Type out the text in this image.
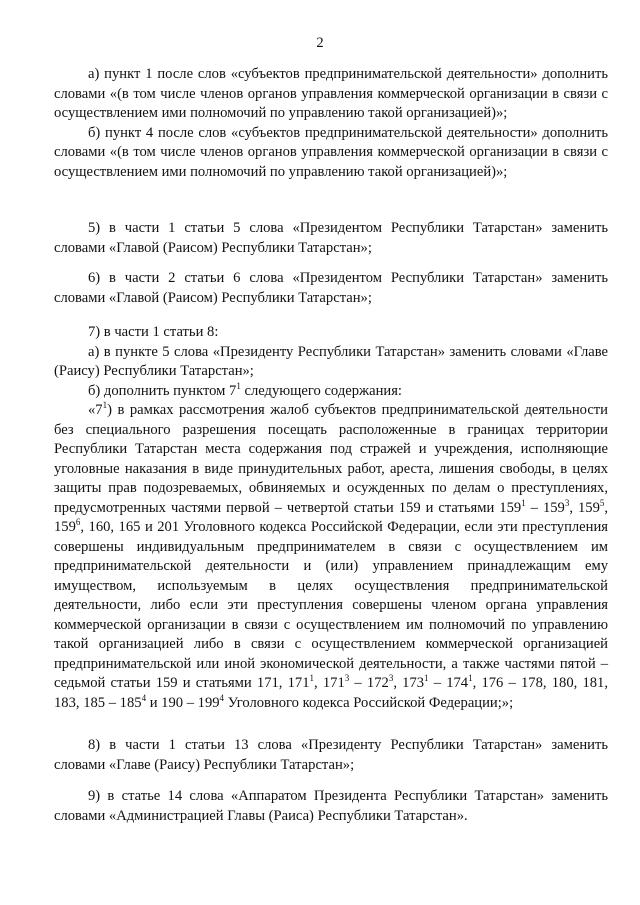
2

а) пункт 1 после слов «субъектов предпринимательской деятельности» дополнить словами «(в том числе членов органов управления коммерческой организации в связи с осуществлением ими полномочий по управлению такой организацией)»;

б) пункт 4 после слов «субъектов предпринимательской деятельности» дополнить словами «(в том числе членов органов управления коммерческой организации в связи с осуществлением ими полномочий по управлению такой организацией)»;

5) в части 1 статьи 5 слова «Президентом Республики Татарстан» заменить словами «Главой (Раисом) Республики Татарстан»;

6) в части 2 статьи 6 слова «Президентом Республики Татарстан» заменить словами «Главой (Раисом) Республики Татарстан»;

7) в части 1 статьи 8:

а) в пункте 5 слова «Президенту Республики Татарстан» заменить словами «Главе (Раису) Республики Татарстан»;

б) дополнить пунктом $7^1$ следующего содержания:

«$7^1$) в рамках рассмотрения жалоб субъектов предпринимательской деятельности без специального разрешения посещать расположенные в границах территории Республики Татарстан места содержания под стражей и учреждения, исполняющие уголовные наказания в виде принудительных работ, ареста, лишения свободы, в целях защиты прав подозреваемых, обвиняемых и осужденных по делам о преступлениях, предусмотренных частями первой – четвертой статьи 159 и статьями $159^1 - 159^3$, $159^5$, $159^6$, 160, 165 и 201 Уголовного кодекса Российской Федерации, если эти преступления совершены индивидуальным предпринимателем в связи с осуществлением им предпринимательской деятельности и (или) управлением принадлежащим ему имуществом, используемым в целях осуществления предпринимательской деятельности, либо если эти преступления совершены членом органа управления коммерческой организации в связи с осуществлением им полномочий по управлению такой организацией либо в связи с осуществлением коммерческой организацией предпринимательской или иной экономической деятельности, а также частями пятой – седьмой статьи 159 и статьями 171, $171^1$, $171^3 - 172^3$, $173^1 - 174^1$, 176 – 178, 180, 181, 183, $185 - 185^4$ и $190 - 199^4$ Уголовного кодекса Российской Федерации;»;

8) в части 1 статьи 13 слова «Президенту Республики Татарстан» заменить словами «Главе (Раису) Республики Татарстан»;

9) в статье 14 слова «Аппаратом Президента Республики Татарстан» заменить словами «Администрацией Главы (Раиса) Республики Татарстан».
